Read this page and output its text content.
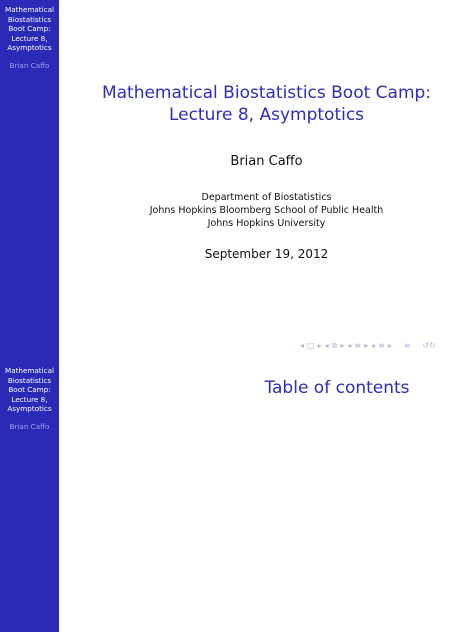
Mathematical
Biostatistics
Boot Camp:
Lecture 8,
Asymptotics
Brian Caffo
Mathematical Biostatistics Boot Camp:
Lecture 8, Asymptotics
Brian Caffo
Department of Biostatistics
Johns Hopkins Bloomberg School of Public Health
Johns Hopkins University
September 19, 2012
◂ □ ▸ ◂ ⧉ ▸ ◂ ≡ ▸ ◂ ≡ ▸ ≡ ↺↻
Mathematical
Biostatistics
Boot Camp:
Lecture 8,
Asymptotics
Brian Caffo
Table of contents
